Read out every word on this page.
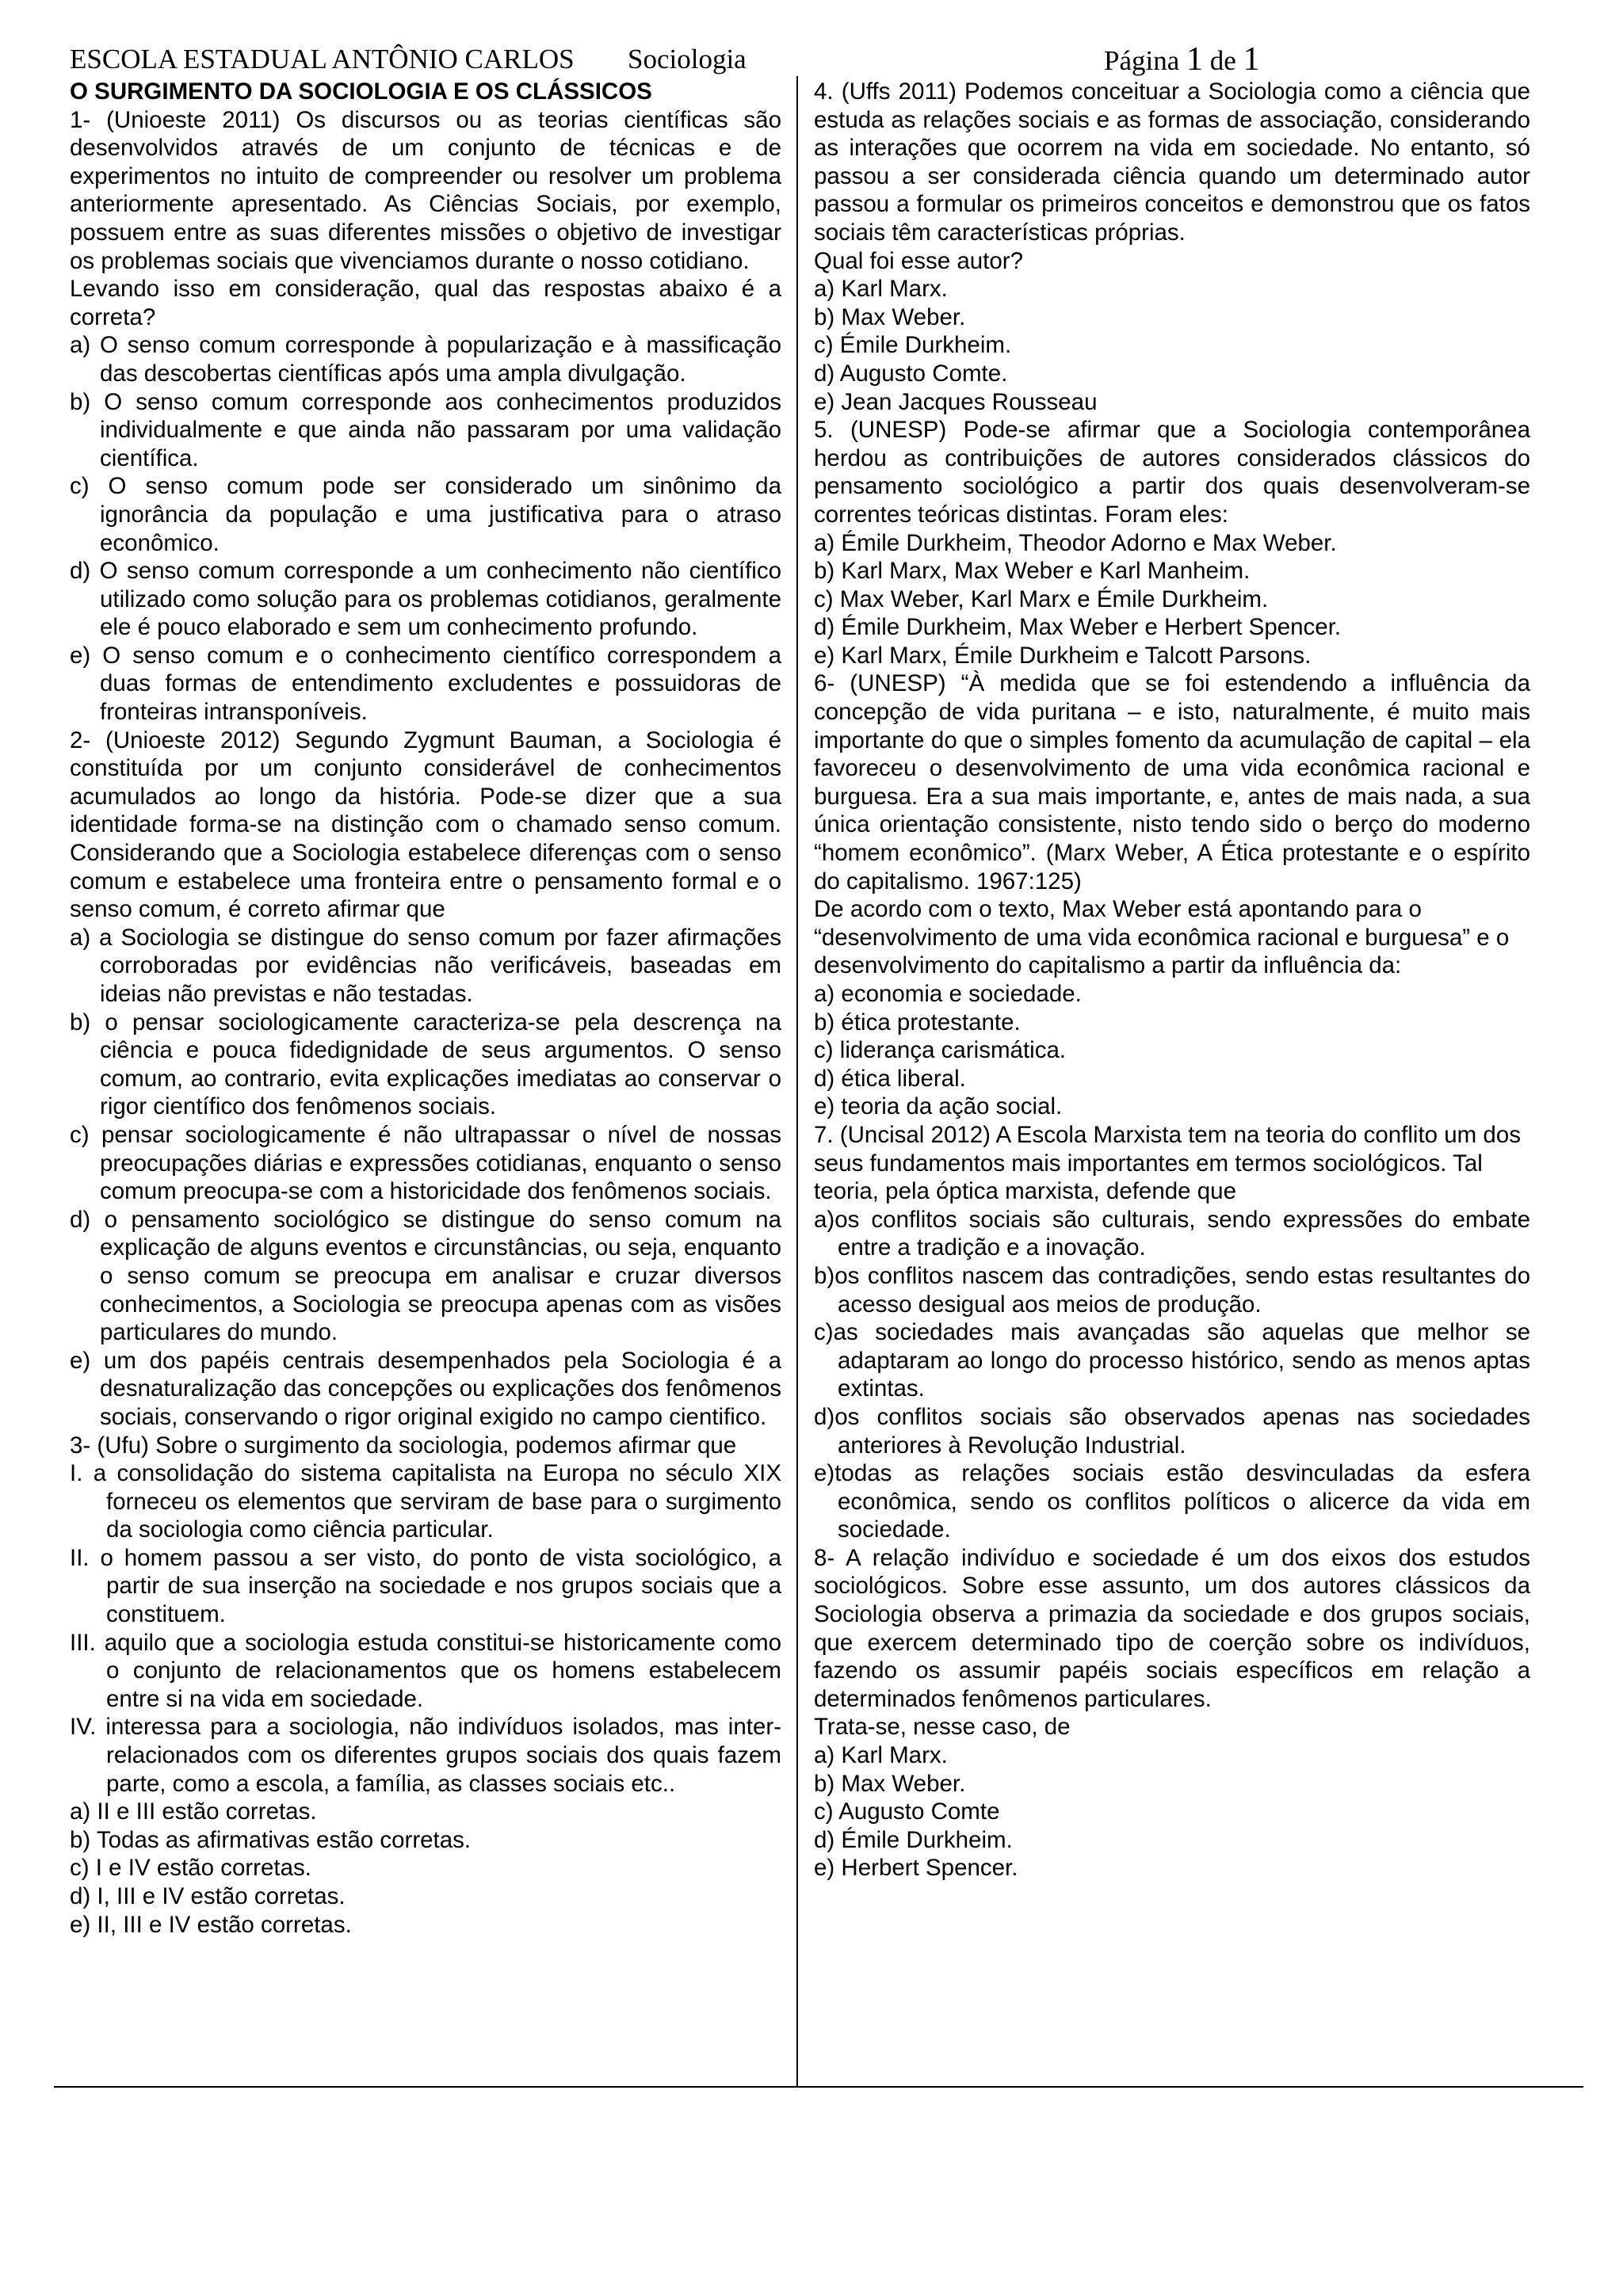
ESCOLA ESTADUAL ANTÔNIO CARLOS Sociologia	Página 1 de 1

O SURGIMENTO DA SOCIOLOGIA E OS CLÁSSICOS

1- (Unioeste 2011) Os discursos ou as teorias científicas são desenvolvidos através de um conjunto de técnicas e de experimentos no intuito de compreender ou resolver um problema anteriormente apresentado. As Ciências Sociais, por exemplo, possuem entre as suas diferentes missões o objetivo de investigar os problemas sociais que vivenciamos durante o nosso cotidiano.

Levando isso em consideração, qual das respostas abaixo é a correta?

a) O senso comum corresponde à popularização e à massificação das descobertas científicas após uma ampla divulgação.

b) O senso comum corresponde aos conhecimentos produzidos individualmente e que ainda não passaram por uma validação científica.

c) O senso comum pode ser considerado um sinônimo da ignorância da população e uma justificativa para o atraso econômico.

d) O senso comum corresponde a um conhecimento não científico utilizado como solução para os problemas cotidianos, geralmente ele é pouco elaborado e sem um conhecimento profundo.

e) O senso comum e o conhecimento científico correspondem a duas formas de entendimento excludentes e possuidoras de fronteiras intransponíveis.

2- (Unioeste 2012) Segundo Zygmunt Bauman, a Sociologia é constituída por um conjunto considerável de conhecimentos acumulados ao longo da história. Pode-se dizer que a sua identidade forma-se na distinção com o chamado senso comum. Considerando que a Sociologia estabelece diferenças com o senso comum e estabelece uma fronteira entre o pensamento formal e o senso comum, é correto afirmar que

a) a Sociologia se distingue do senso comum por fazer afirmações corroboradas por evidências não verificáveis, baseadas em ideias não previstas e não testadas.

b) o pensar sociologicamente caracteriza-se pela descrença na ciência e pouca fidedignidade de seus argumentos. O senso comum, ao contrario, evita explicações imediatas ao conservar o rigor científico dos fenômenos sociais.

c) pensar sociologicamente é não ultrapassar o nível de nossas preocupações diárias e expressões cotidianas, enquanto o senso comum preocupa-se com a historicidade dos fenômenos sociais.

d) o pensamento sociológico se distingue do senso comum na explicação de alguns eventos e circunstâncias, ou seja, enquanto o senso comum se preocupa em analisar e cruzar diversos conhecimentos, a Sociologia se preocupa apenas com as visões particulares do mundo.

e) um dos papéis centrais desempenhados pela Sociologia é a desnaturalização das concepções ou explicações dos fenômenos sociais, conservando o rigor original exigido no campo cientifico.

3- (Ufu) Sobre o surgimento da sociologia, podemos afirmar que

I. a consolidação do sistema capitalista na Europa no século XIX forneceu os elementos que serviram de base para o surgimento da sociologia como ciência particular.

II. o homem passou a ser visto, do ponto de vista sociológico, a partir de sua inserção na sociedade e nos grupos sociais que a constituem.

III. aquilo que a sociologia estuda constitui-se historicamente como o conjunto de relacionamentos que os homens estabelecem entre si na vida em sociedade.

IV. interessa para a sociologia, não indivíduos isolados, mas inter-relacionados com os diferentes grupos sociais dos quais fazem parte, como a escola, a família, as classes sociais etc..

a) II e III estão corretas.

b) Todas as afirmativas estão corretas.

c) I e IV estão corretas.

d) I, III e IV estão corretas.

e) II, III e IV estão corretas.

4. (Uffs 2011) Podemos conceituar a Sociologia como a ciência que estuda as relações sociais e as formas de associação, considerando as interações que ocorrem na vida em sociedade. No entanto, só passou a ser considerada ciência quando um determinado autor passou a formular os primeiros conceitos e demonstrou que os fatos sociais têm características próprias.

Qual foi esse autor?

a) Karl Marx.

b) Max Weber.

c) Émile Durkheim.

d) Augusto Comte.

e) Jean Jacques Rousseau

5. (UNESP) Pode-se afirmar que a Sociologia contemporânea herdou as contribuições de autores considerados clássicos do pensamento sociológico a partir dos quais desenvolveram-se correntes teóricas distintas. Foram eles:

a) Émile Durkheim, Theodor Adorno e Max Weber.

b) Karl Marx, Max Weber e Karl Manheim.

c) Max Weber, Karl Marx e Émile Durkheim.

d) Émile Durkheim, Max Weber e Herbert Spencer.

e) Karl Marx, Émile Durkheim e Talcott Parsons.

6- (UNESP) “À medida que se foi estendendo a influência da concepção de vida puritana – e isto, naturalmente, é muito mais importante do que o simples fomento da acumulação de capital – ela favoreceu o desenvolvimento de uma vida econômica racional e burguesa. Era a sua mais importante, e, antes de mais nada, a sua única orientação consistente, nisto tendo sido o berço do moderno “homem econômico”. (Marx Weber, A Ética protestante e o espírito do capitalismo. 1967:125)

De acordo com o texto, Max Weber está apontando para o “desenvolvimento de uma vida econômica racional e burguesa” e o desenvolvimento do capitalismo a partir da influência da:

a) economia e sociedade.

b) ética protestante.

c) liderança carismática.

d) ética liberal.

e) teoria da ação social.

7. (Uncisal 2012) A Escola Marxista tem na teoria do conflito um dos seus fundamentos mais importantes em termos sociológicos. Tal teoria, pela óptica marxista, defende que

a)os conflitos sociais são culturais, sendo expressões do embate entre a tradição e a inovação.

b)os conflitos nascem das contradições, sendo estas resultantes do acesso desigual aos meios de produção.

c)as sociedades mais avançadas são aquelas que melhor se adaptaram ao longo do processo histórico, sendo as menos aptas extintas.

d)os conflitos sociais são observados apenas nas sociedades anteriores à Revolução Industrial.

e)todas as relações sociais estão desvinculadas da esfera econômica, sendo os conflitos políticos o alicerce da vida em sociedade.

8- A relação indivíduo e sociedade é um dos eixos dos estudos sociológicos. Sobre esse assunto, um dos autores clássicos da Sociologia observa a primazia da sociedade e dos grupos sociais, que exercem determinado tipo de coerção sobre os indivíduos, fazendo os assumir papéis sociais específicos em relação a determinados fenômenos particulares.

Trata-se, nesse caso, de

a) Karl Marx.

b) Max Weber.

c) Augusto Comte

d) Émile Durkheim.

e) Herbert Spencer.
